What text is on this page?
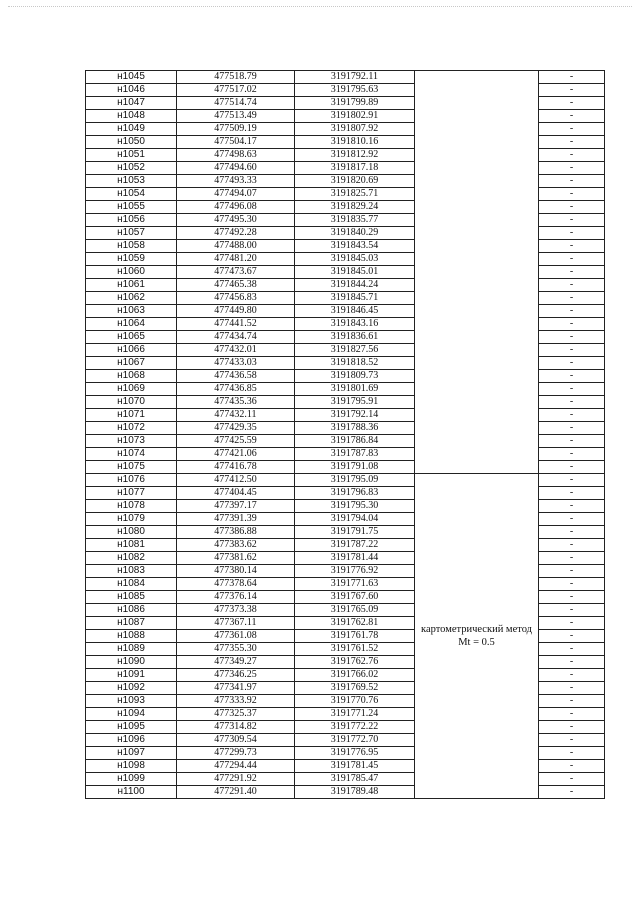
н1045	477518.79	3191792.11		-
н1046	477517.02	3191795.63		-
н1047	477514.74	3191799.89		-
н1048	477513.49	3191802.91		-
н1049	477509.19	3191807.92		-
н1050	477504.17	3191810.16		-
н1051	477498.63	3191812.92		-
н1052	477494.60	3191817.18		-
н1053	477493.33	3191820.69		-
н1054	477494.07	3191825.71		-
н1055	477496.08	3191829.24		-
н1056	477495.30	3191835.77		-
н1057	477492.28	3191840.29		-
н1058	477488.00	3191843.54		-
н1059	477481.20	3191845.03		-
н1060	477473.67	3191845.01		-
н1061	477465.38	3191844.24		-
н1062	477456.83	3191845.71		-
н1063	477449.80	3191846.45		-
н1064	477441.52	3191843.16		-
н1065	477434.74	3191836.61		-
н1066	477432.01	3191827.56		-
н1067	477433.03	3191818.52		-
н1068	477436.58	3191809.73		-
н1069	477436.85	3191801.69		-
н1070	477435.36	3191795.91		-
н1071	477432.11	3191792.14		-
н1072	477429.35	3191788.36		-
н1073	477425.59	3191786.84		-
н1074	477421.06	3191787.83		-
н1075	477416.78	3191791.08		-
н1076	477412.50	3191795.09	картометрический метод Mt = 0.5	-
н1077	477404.45	3191796.83		-
н1078	477397.17	3191795.30		-
н1079	477391.39	3191794.04		-
н1080	477386.88	3191791.75		-
н1081	477383.62	3191787.22		-
н1082	477381.62	3191781.44		-
н1083	477380.14	3191776.92		-
н1084	477378.64	3191771.63		-
н1085	477376.14	3191767.60		-
н1086	477373.38	3191765.09		-
н1087	477367.11	3191762.81		-
н1088	477361.08	3191761.78		-
н1089	477355.30	3191761.52		-
н1090	477349.27	3191762.76		-
н1091	477346.25	3191766.02		-
н1092	477341.97	3191769.52		-
н1093	477333.92	3191770.76		-
н1094	477325.37	3191771.24		-
н1095	477314.82	3191772.22		-
н1096	477309.54	3191772.70		-
н1097	477299.73	3191776.95		-
н1098	477294.44	3191781.45		-
н1099	477291.92	3191785.47		-
н1100	477291.40	3191789.48		-
